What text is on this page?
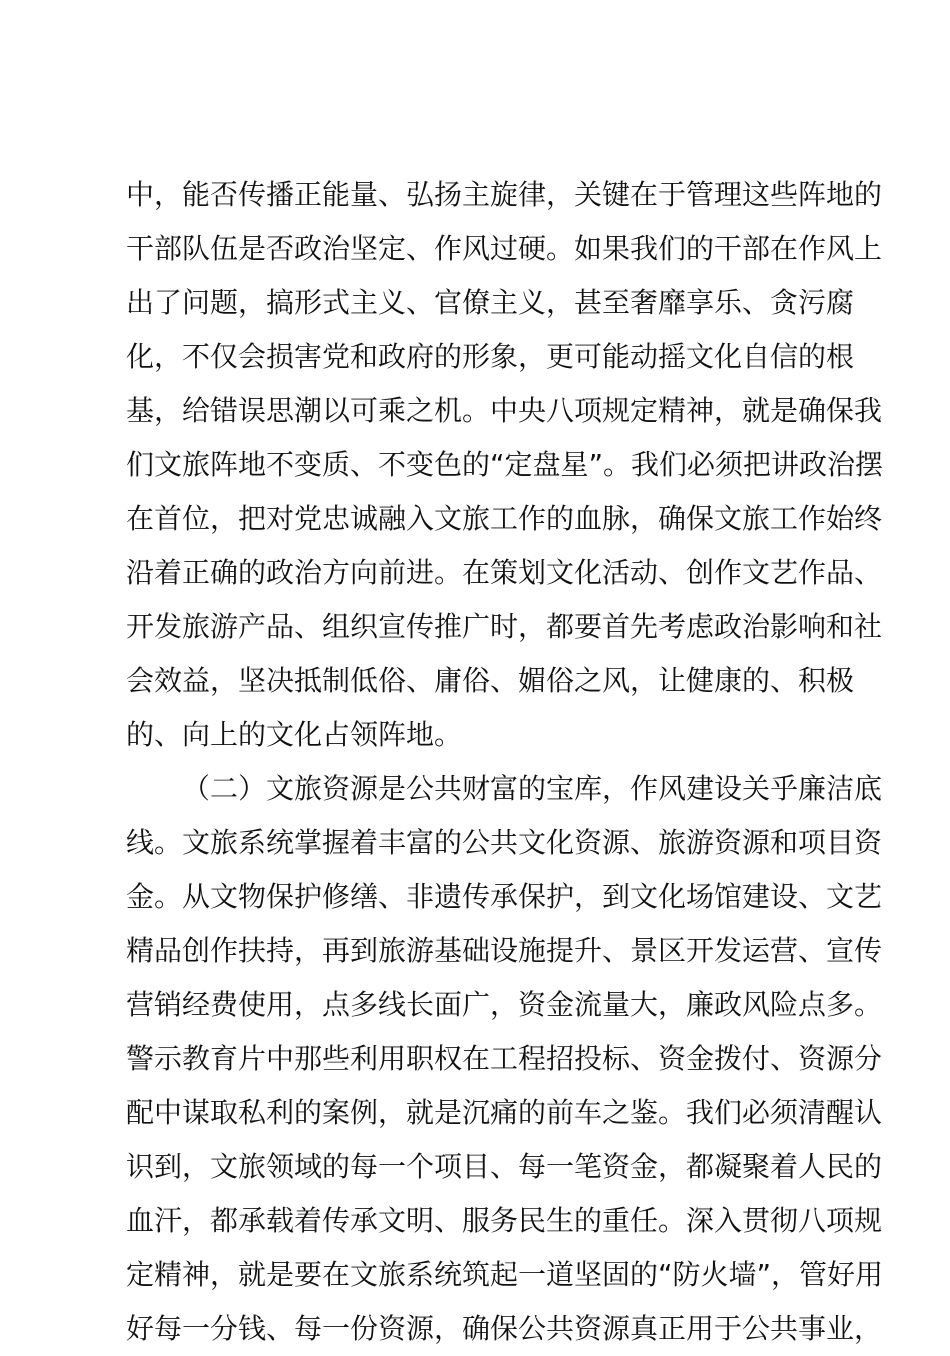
中，能否传播正能量、弘扬主旋律，关键在于管理这些阵地的
干部队伍是否政治坚定、作风过硬。如果我们的干部在作风上
出了问题，搞形式主义、官僚主义，甚至奢靡享乐、贪污腐
化，不仅会损害党和政府的形象，更可能动摇文化自信的根
基，给错误思潮以可乘之机。中央八项规定精神，就是确保我
们文旅阵地不变质、不变色的“定盘星”。我们必须把讲政治摆
在首位，把对党忠诚融入文旅工作的血脉，确保文旅工作始终
沿着正确的政治方向前进。在策划文化活动、创作文艺作品、
开发旅游产品、组织宣传推广时，都要首先考虑政治影响和社
会效益，坚决抵制低俗、庸俗、媚俗之风，让健康的、积极
的、向上的文化占领阵地。
（二）文旅资源是公共财富的宝库，作风建设关乎廉洁底
线。文旅系统掌握着丰富的公共文化资源、旅游资源和项目资
金。从文物保护修缮、非遗传承保护，到文化场馆建设、文艺
精品创作扶持，再到旅游基础设施提升、景区开发运营、宣传
营销经费使用，点多线长面广，资金流量大，廉政风险点多。
警示教育片中那些利用职权在工程招投标、资金拨付、资源分
配中谋取私利的案例，就是沉痛的前车之鉴。我们必须清醒认
识到，文旅领域的每一个项目、每一笔资金，都凝聚着人民的
血汗，都承载着传承文明、服务民生的重任。深入贯彻八项规
定精神，就是要在文旅系统筑起一道坚固的“防火墙”，管好用
好每一分钱、每一份资源，确保公共资源真正用于公共事业，
